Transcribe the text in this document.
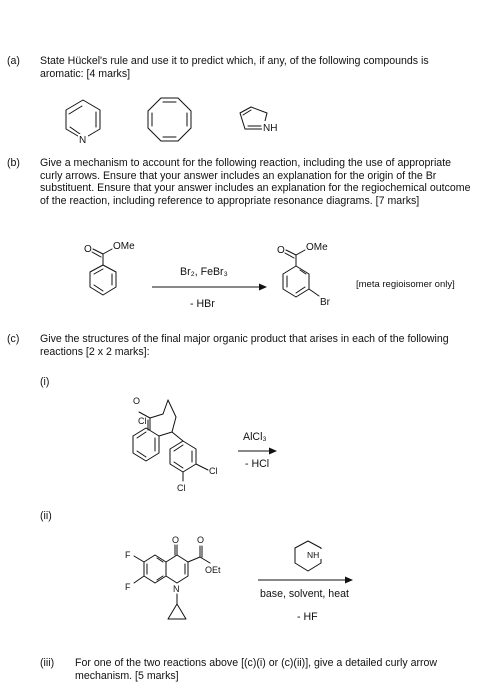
(a) State Hückel's rule and use it to predict which, if any, of the following compounds is aromatic: [4 marks]

N
NH
O OMe
Br₂, FeBr₃
- HBr
O OMe
Br
O
Cl
Cl
Cl
AlCl₃
- HCl
O O
OEt
F
F	N
NH
base, solvent, heat
- HF
(b) Give a mechanism to account for the following reaction, including the use of appropriate curly arrows. Ensure that your answer includes an explanation for the origin of the Br substituent. Ensure that your answer includes an explanation for the regiochemical outcome of the reaction, including reference to appropriate resonance diagrams. [7 marks]

[meta regioisomer only]
(c) Give the structures of the final major organic product that arises in each of the following reactions [2 x 2 marks]:

(i)
(ii)
(iii) For one of the two reactions above [(c)(i) or (c)(ii)], give a detailed curly arrow mechanism. [5 marks]
